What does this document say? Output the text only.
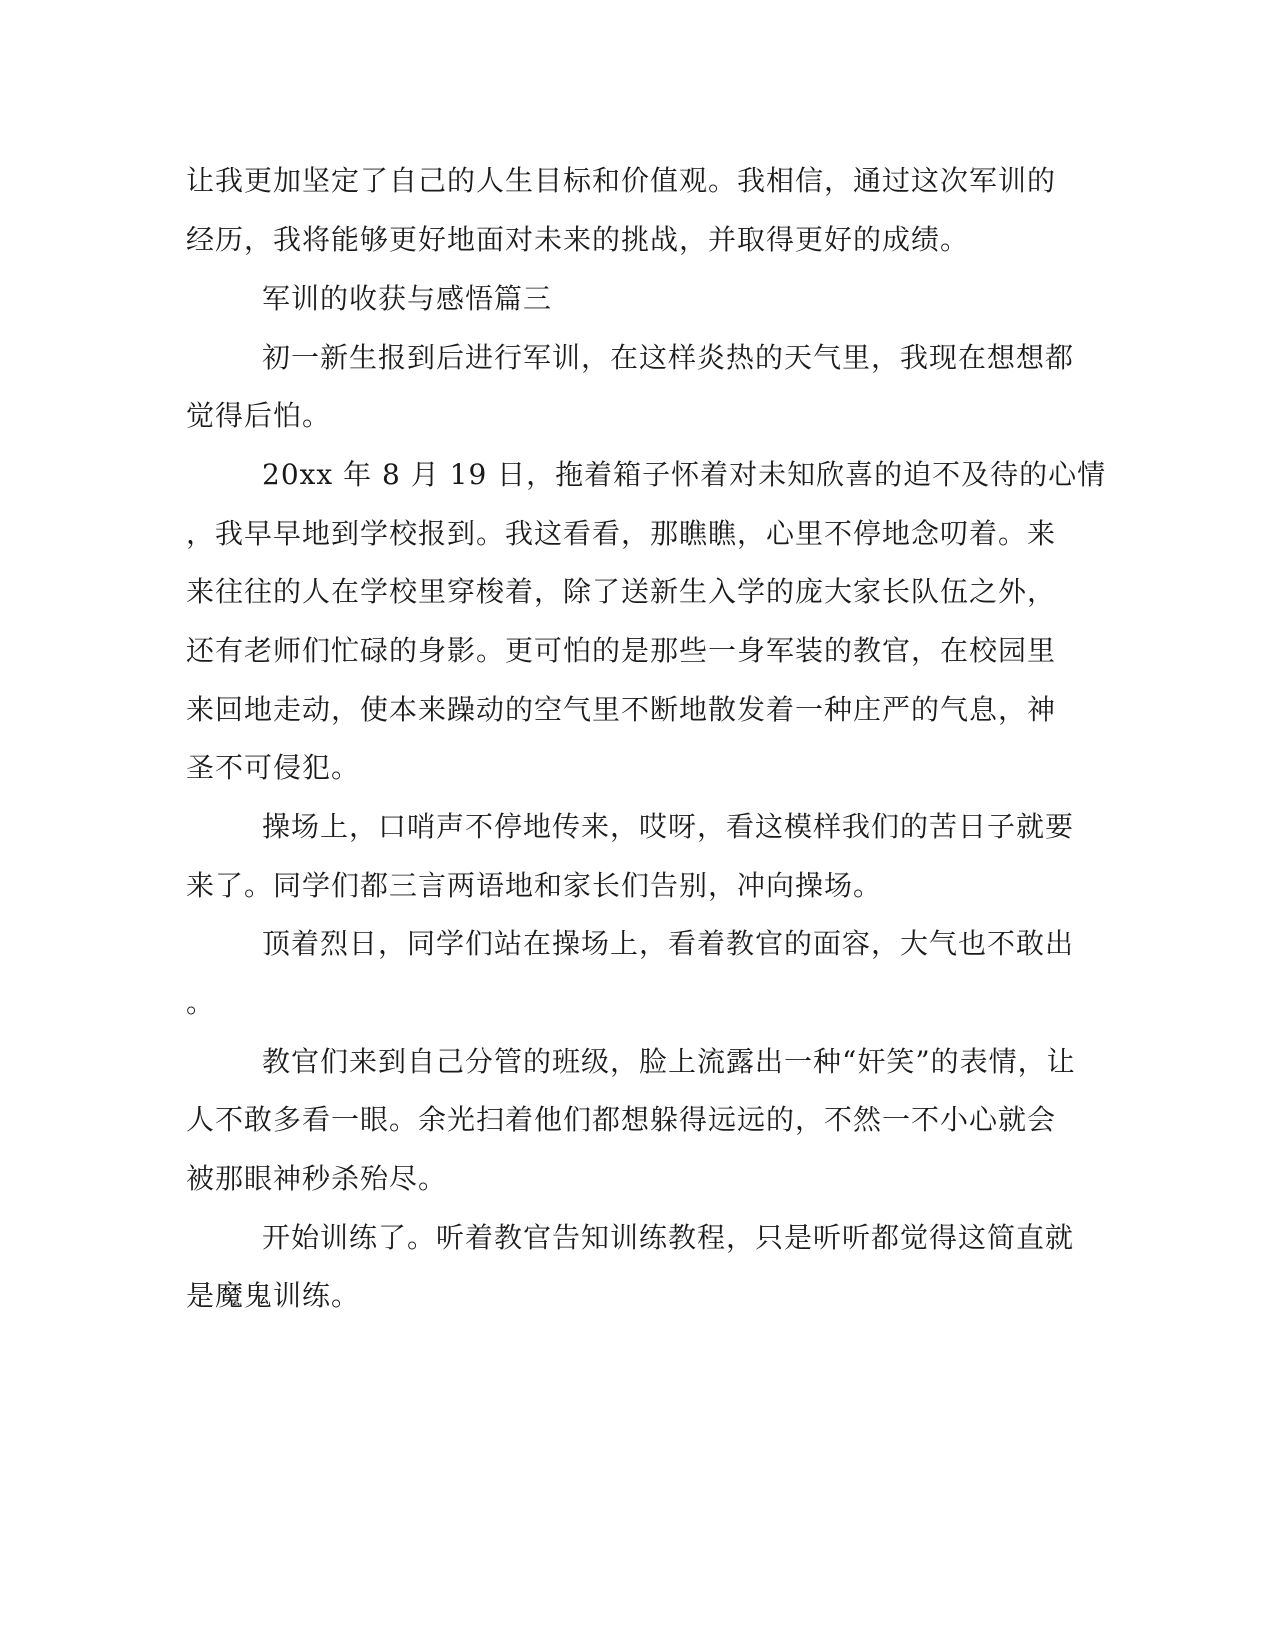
让我更加坚定了自己的人生目标和价值观。我相信，通过这次军训的

经历，我将能够更好地面对未来的挑战，并取得更好的成绩。

军训的收获与感悟篇三

初一新生报到后进行军训，在这样炎热的天气里，我现在想想都

觉得后怕。

20xx 年 8 月 19 日，拖着箱子怀着对未知欣喜的迫不及待的心情

，我早早地到学校报到。我这看看，那瞧瞧，心里不停地念叨着。来

来往往的人在学校里穿梭着，除了送新生入学的庞大家长队伍之外，

还有老师们忙碌的身影。更可怕的是那些一身军装的教官，在校园里

来回地走动，使本来躁动的空气里不断地散发着一种庄严的气息，神

圣不可侵犯。

操场上，口哨声不停地传来，哎呀，看这模样我们的苦日子就要

来了。同学们都三言两语地和家长们告别，冲向操场。

顶着烈日，同学们站在操场上，看着教官的面容，大气也不敢出

。

教官们来到自己分管的班级，脸上流露出一种“奸笑”的表情，让

人不敢多看一眼。余光扫着他们都想躲得远远的，不然一不小心就会

被那眼神秒杀殆尽。

开始训练了。听着教官告知训练教程，只是听听都觉得这简直就

是魔鬼训练。
